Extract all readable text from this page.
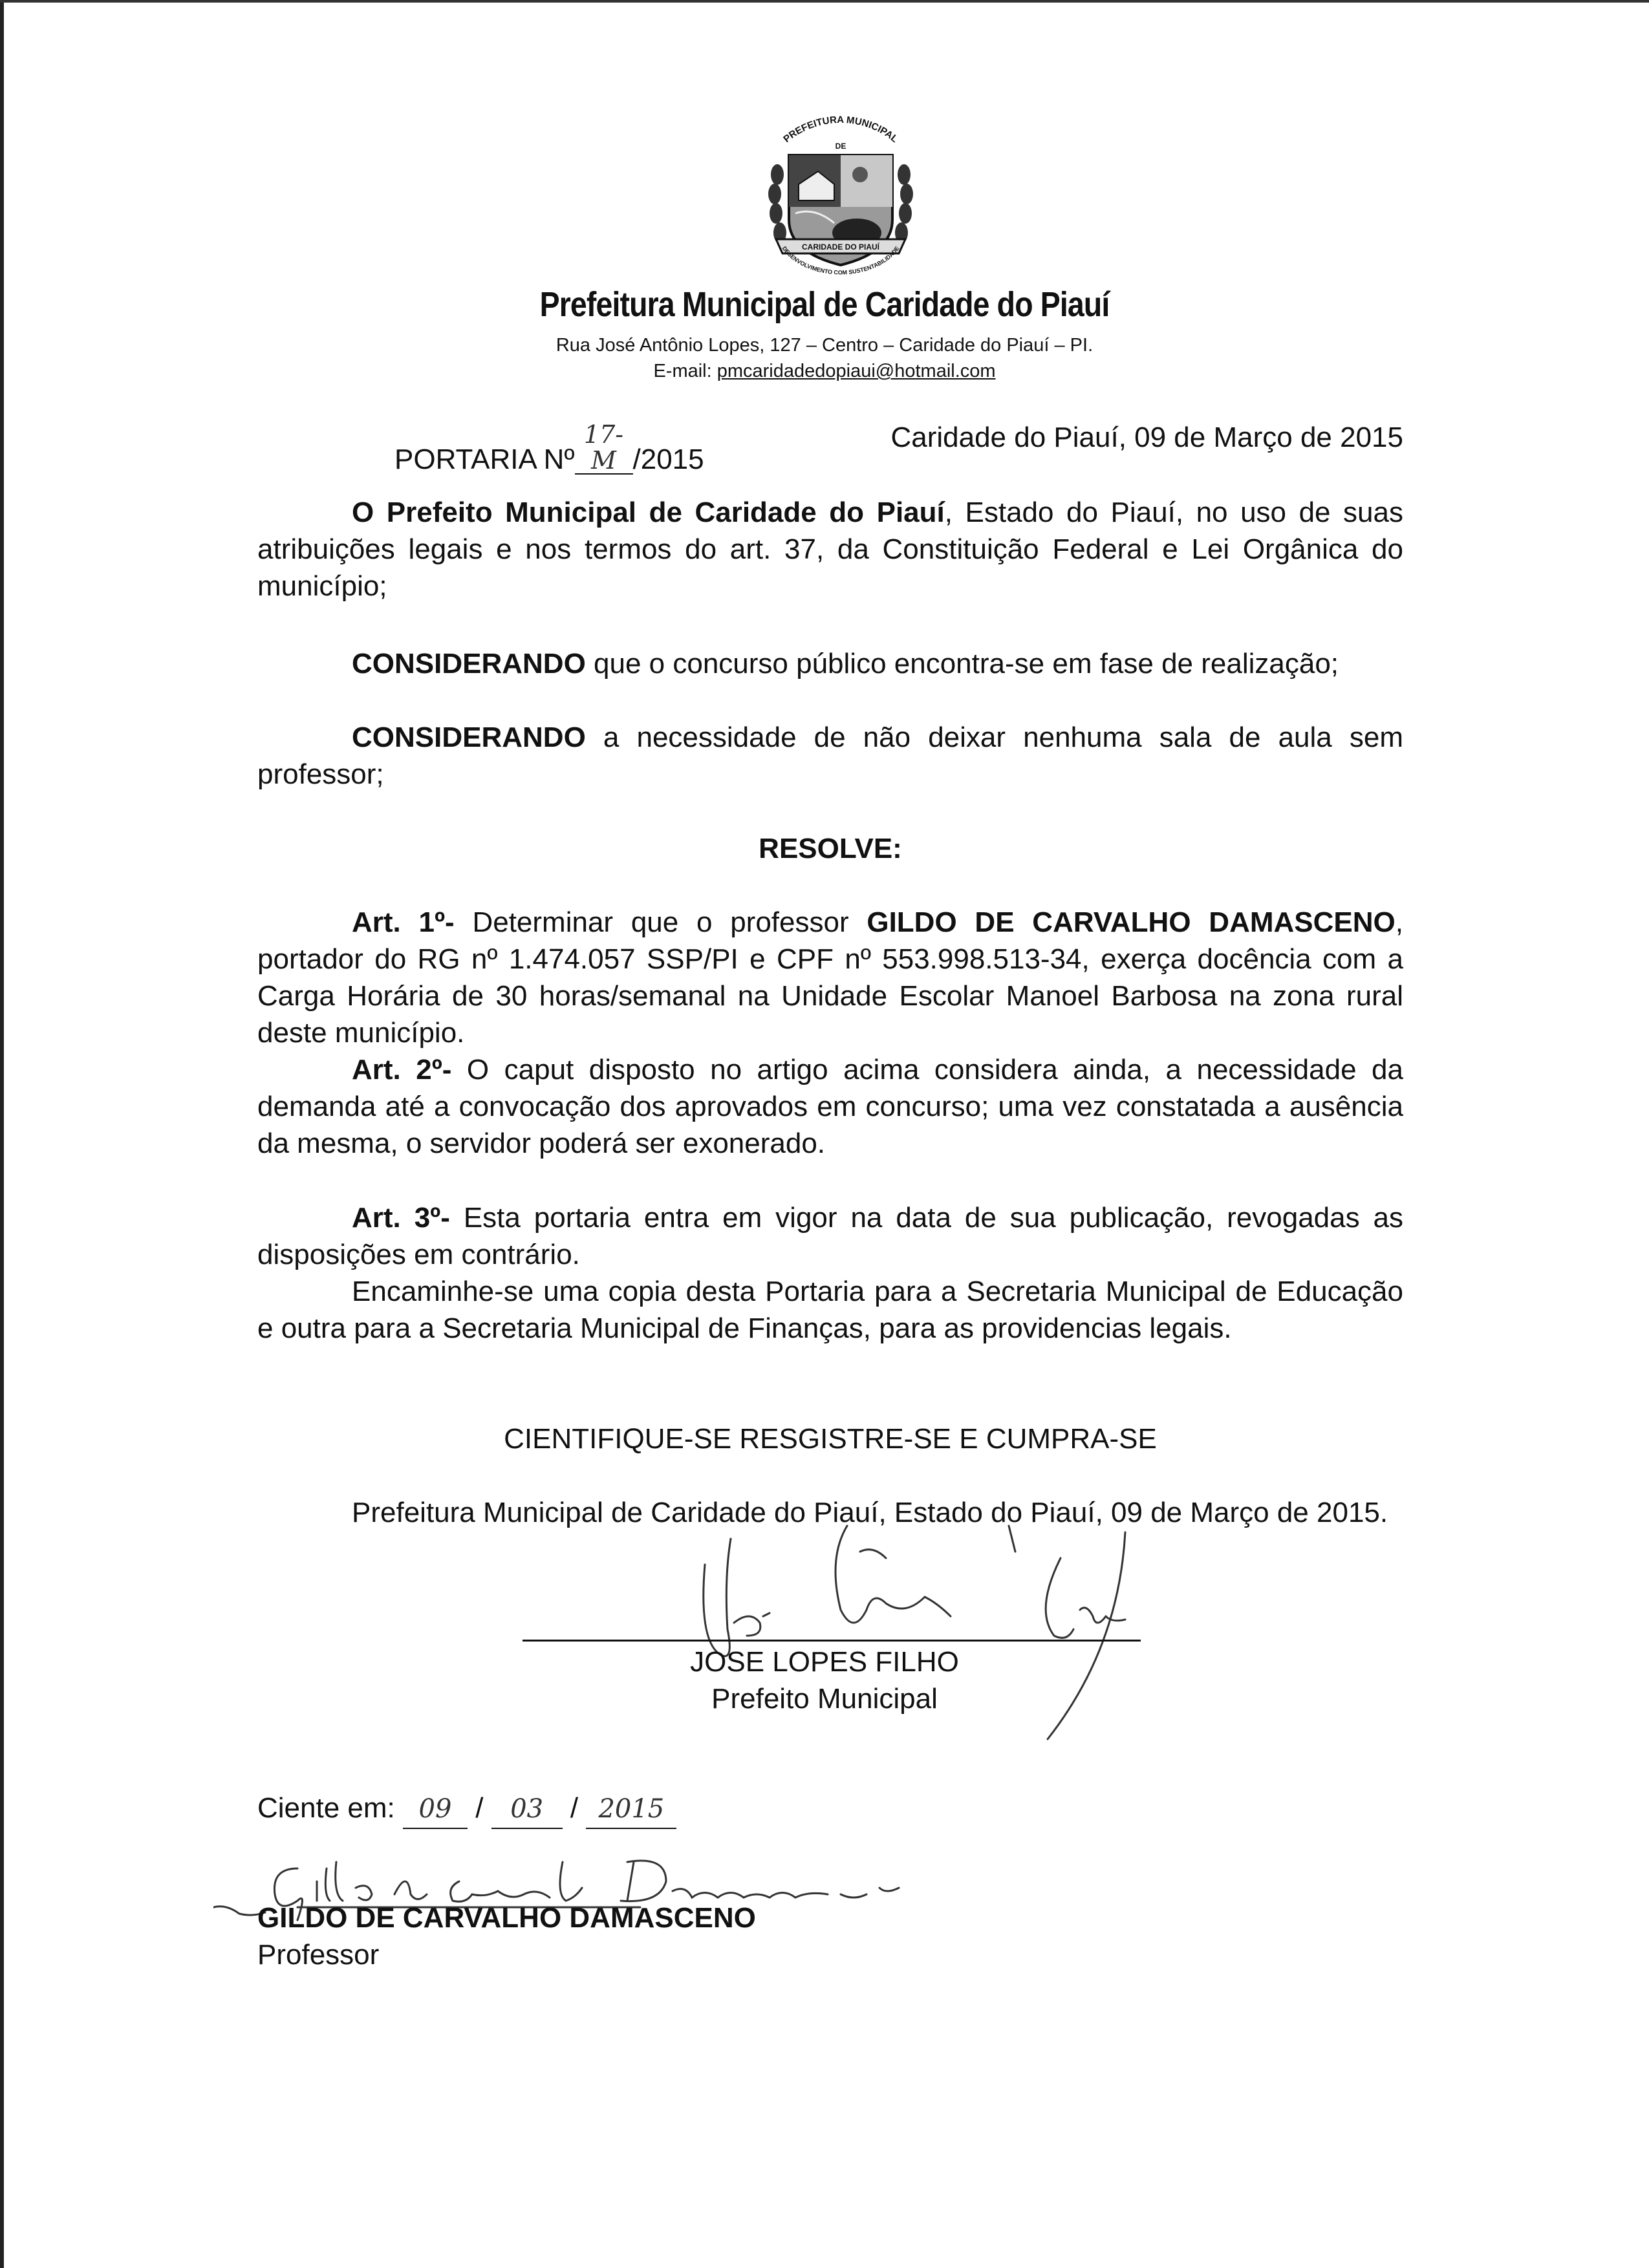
PREFEITURA MUNICIPAL
DE
CARIDADE DO PIAUÍ
DESENVOLVIMENTO COM SUSTENTABILIDADE
Prefeitura Municipal de Caridade do Piauí
Rua José Antônio Lopes, 127 – Centro – Caridade do Piauí – PI.
E-mail: pmcaridadedopiaui@hotmail.com
PORTARIA Nº17-M /2015
Caridade do Piauí, 09 de Março de 2015

O Prefeito Municipal de Caridade do Piauí, Estado do Piauí, no uso de suas atribuições legais e nos termos do art. 37, da Constituição Federal e Lei Orgânica do município;

CONSIDERANDO que o concurso público encontra-se em fase de realização;

CONSIDERANDO a necessidade de não deixar nenhuma sala de aula sem professor;

RESOLVE:

Art. 1º- Determinar que o professor GILDO DE CARVALHO DAMASCENO, portador do RG nº 1.474.057 SSP/PI e CPF nº 553.998.513-34, exerça docência com a Carga Horária de 30 horas/semanal na Unidade Escolar Manoel Barbosa na zona rural deste município.

Art. 2º- O caput disposto no artigo acima considera ainda, a necessidade da demanda até a convocação dos aprovados em concurso; uma vez constatada a ausência da mesma, o servidor poderá ser exonerado.

Art. 3º- Esta portaria entra em vigor na data de sua publicação, revogadas as disposições em contrário.

Encaminhe-se uma copia desta Portaria para a Secretaria Municipal de Educação e outra para a Secretaria Municipal de Finanças, para as providencias legais.

CIENTIFIQUE-SE RESGISTRE-SE E CUMPRA-SE

Prefeitura Municipal de Caridade do Piauí, Estado do Piauí, 09 de Março de 2015.

JOSE LOPES FILHO
Prefeito Municipal
Ciente em: 09 / 03 / 2015
GILDO DE CARVALHO DAMASCENO
Professor
